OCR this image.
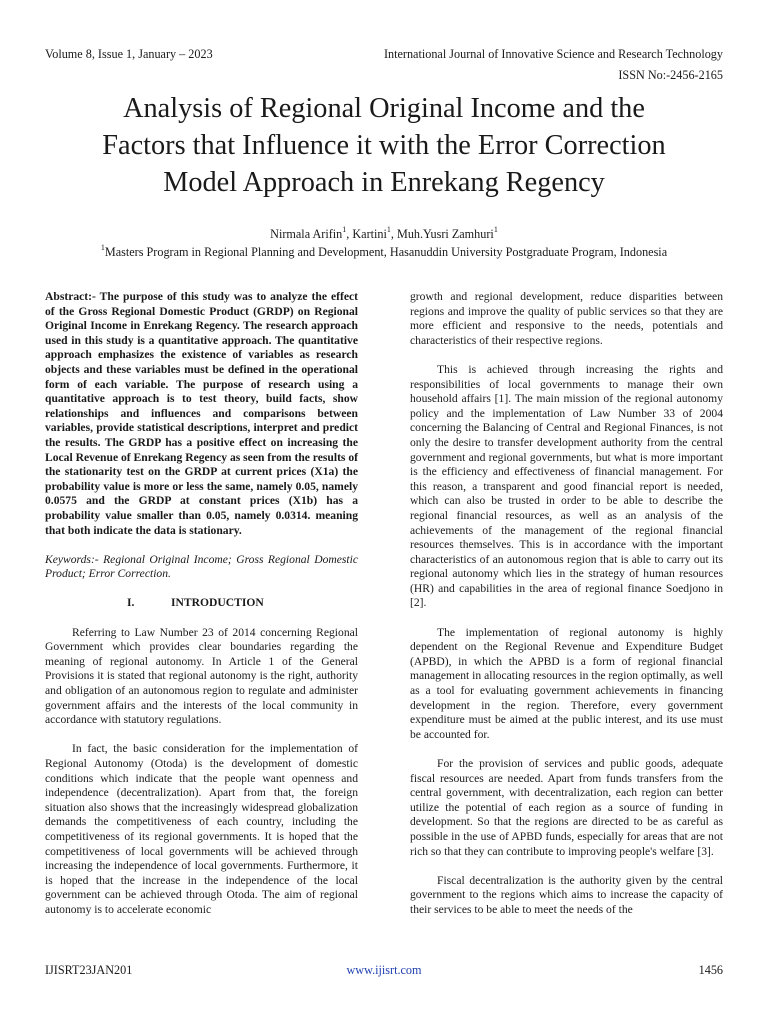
Volume 8, Issue 1, January – 2023	International Journal of Innovative Science and Research Technology
ISSN No:-2456-2165
Analysis of Regional Original Income and the
Factors that Influence it with the Error Correction
Model Approach in Enrekang Regency
Nirmala Arifin$^1$, Kartini$^1$, Muh.Yusri Zamhuri$^1$
$^1$Masters Program in Regional Planning and Development, Hasanuddin University Postgraduate Program, Indonesia

Abstract:- The purpose of this study was to analyze the effect of the Gross Regional Domestic Product (GRDP) on Regional Original Income in Enrekang Regency. The research approach used in this study is a quantitative approach. The quantitative approach emphasizes the existence of variables as research objects and these variables must be defined in the operational form of each variable. The purpose of research using a quantitative approach is to test theory, build facts, show relationships and influences and comparisons between variables, provide statistical descriptions, interpret and predict the results. The GRDP has a positive effect on increasing the Local Revenue of Enrekang Regency as seen from the results of the stationarity test on the GRDP at current prices (X1a) the probability value is more or less the same, namely 0.05, namely 0.0575 and the GRDP at constant prices (X1b) has a probability value smaller than 0.05, namely 0.0314. meaning that both indicate the data is stationary.

Keywords:- Regional Original Income; Gross Regional Domestic Product; Error Correction.

I.	INTRODUCTION

Referring to Law Number 23 of 2014 concerning Regional Government which provides clear boundaries regarding the meaning of regional autonomy. In Article 1 of the General Provisions it is stated that regional autonomy is the right, authority and obligation of an autonomous region to regulate and administer government affairs and the interests of the local community in accordance with statutory regulations.

In fact, the basic consideration for the implementation of Regional Autonomy (Otoda) is the development of domestic conditions which indicate that the people want openness and independence (decentralization). Apart from that, the foreign situation also shows that the increasingly widespread globalization demands the competitiveness of each country, including the competitiveness of its regional governments. It is hoped that the competitiveness of local governments will be achieved through increasing the independence of local governments. Furthermore, it is hoped that the increase in the independence of the local government can be achieved through Otoda. The aim of regional autonomy is to accelerate economic

growth and regional development, reduce disparities between regions and improve the quality of public services so that they are more efficient and responsive to the needs, potentials and characteristics of their respective regions.

This is achieved through increasing the rights and responsibilities of local governments to manage their own household affairs [1]. The main mission of the regional autonomy policy and the implementation of Law Number 33 of 2004 concerning the Balancing of Central and Regional Finances, is not only the desire to transfer development authority from the central government and regional governments, but what is more important is the efficiency and effectiveness of financial management. For this reason, a transparent and good financial report is needed, which can also be trusted in order to be able to describe the regional financial resources, as well as an analysis of the achievements of the management of the regional financial resources themselves. This is in accordance with the important characteristics of an autonomous region that is able to carry out its regional autonomy which lies in the strategy of human resources (HR) and capabilities in the area of regional finance Soedjono in [2].

The implementation of regional autonomy is highly dependent on the Regional Revenue and Expenditure Budget (APBD), in which the APBD is a form of regional financial management in allocating resources in the region optimally, as well as a tool for evaluating government achievements in financing development in the region. Therefore, every government expenditure must be aimed at the public interest, and its use must be accounted for.

For the provision of services and public goods, adequate fiscal resources are needed. Apart from funds transfers from the central government, with decentralization, each region can better utilize the potential of each region as a source of funding in development. So that the regions are directed to be as careful as possible in the use of APBD funds, especially for areas that are not rich so that they can contribute to improving people's welfare [3].

Fiscal decentralization is the authority given by the central government to the regions which aims to increase the capacity of their services to be able to meet the needs of the

IJISRT23JAN201	www.ijisrt.com	1456
